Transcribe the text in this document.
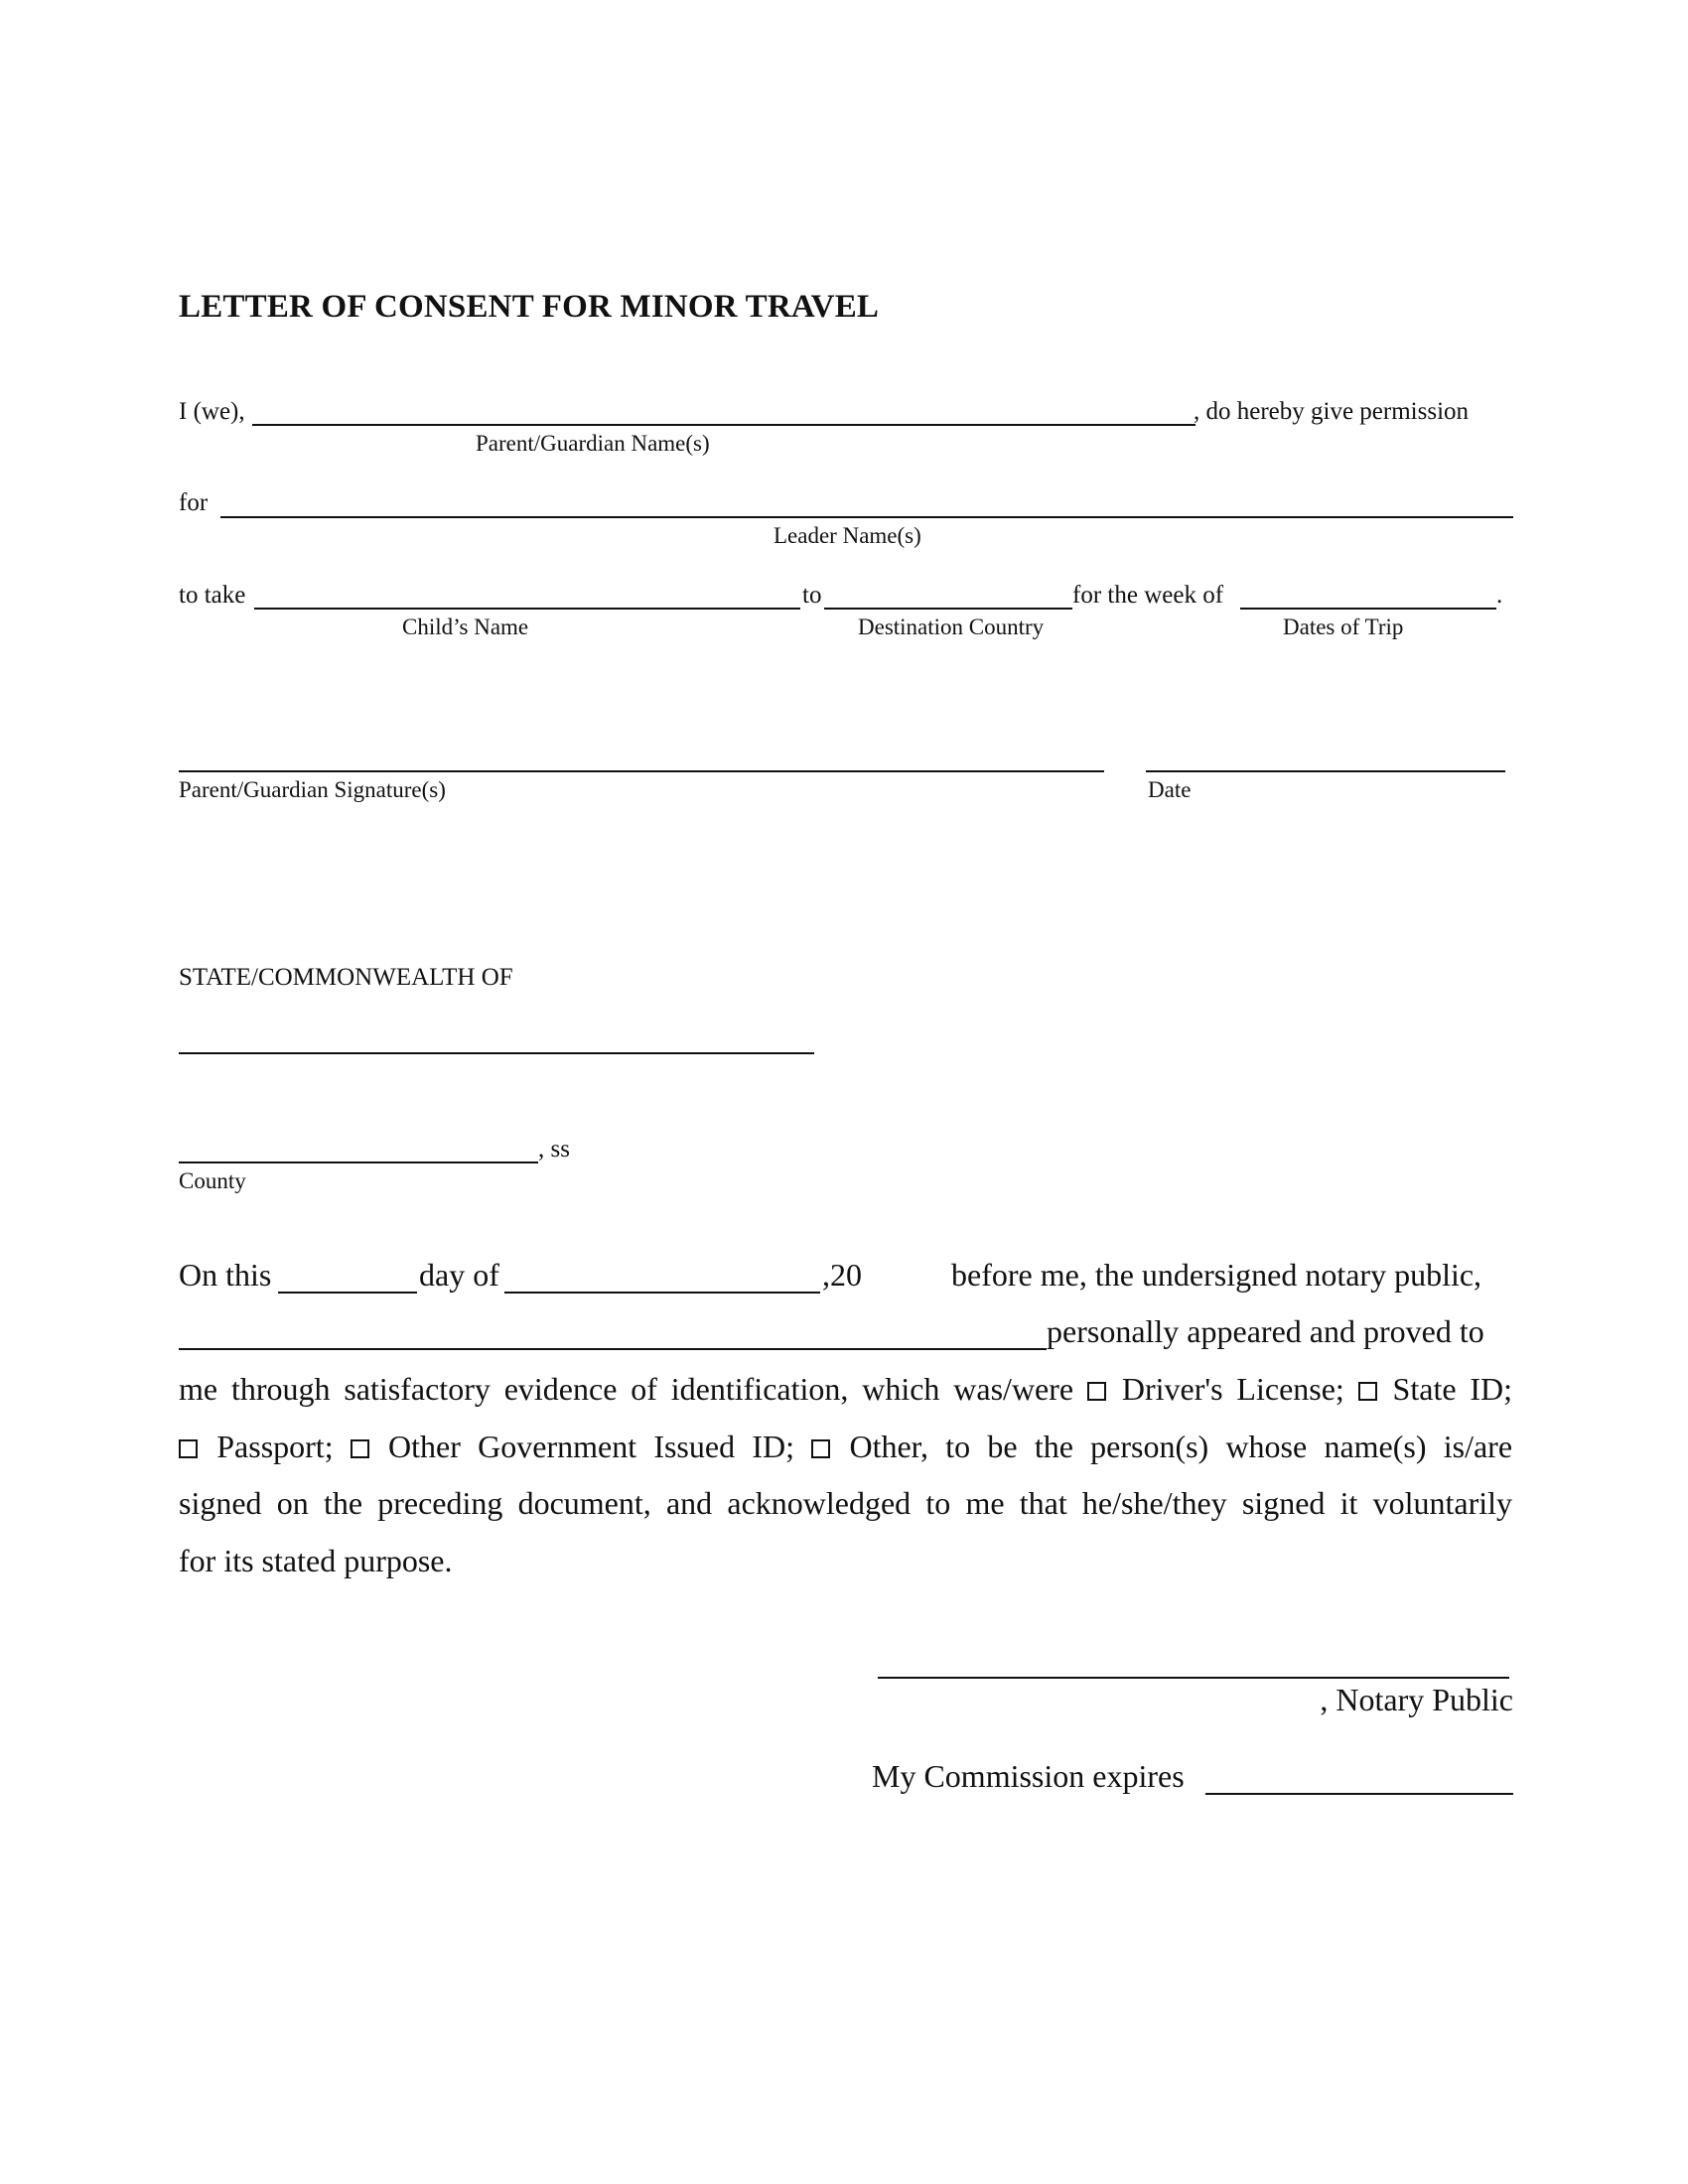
LETTER OF CONSENT FOR MINOR TRAVEL
I (we),	, do hereby give permission
Parent/Guardian Name(s)
for
Leader Name(s)
to take	to	for the week of	.
Child’s Name	Destination Country	Dates of Trip
Parent/Guardian Signature(s)	Date
STATE/COMMONWEALTH OF
, ss
County
On this	day of	,20	before me, the undersigned notary public,
personally appeared and proved to
me through satisfactory evidence of identification, which was/were Driver's License; State ID;
Passport; Other Government Issued ID; Other, to be the person(s) whose name(s) is/are
signed on the preceding document, and acknowledged to me that he/she/they signed it voluntarily
for its stated purpose.
, Notary Public
My Commission expires
